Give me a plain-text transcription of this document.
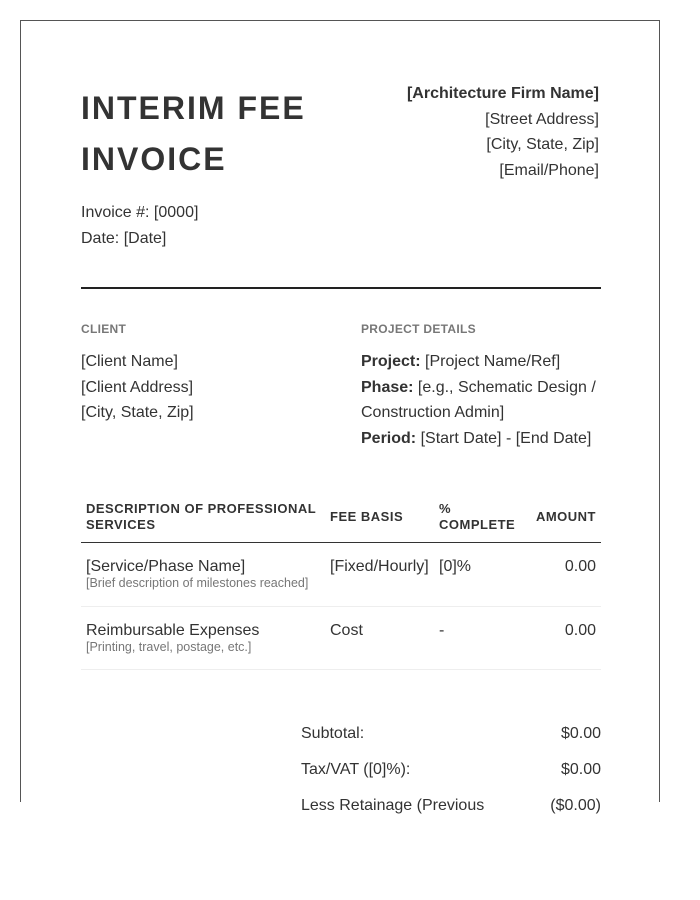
INTERIM FEE INVOICE
Invoice #: [0000]
Date: [Date]
[Architecture Firm Name]
[Street Address]
[City, State, Zip]
[Email/Phone]
CLIENT	PROJECT DETAILS
[Client Name]
[Client Address]
[City, State, Zip]
Project: [Project Name/Ref]
Phase: [e.g., Schematic Design / Construction Admin]
Period: [Start Date] - [End Date]
DESCRIPTION OF PROFESSIONAL SERVICES	FEE BASIS	% COMPLETE	AMOUNT
[Service/Phase Name]
[Brief description of milestones reached]	[Fixed/Hourly]	[0]%	0.00
Reimbursable Expenses
[Printing, travel, postage, etc.]	Cost	-	0.00
Subtotal:	$0.00
Tax/VAT ([0]%):	$0.00
Less Retainage (Previous	($0.00)
